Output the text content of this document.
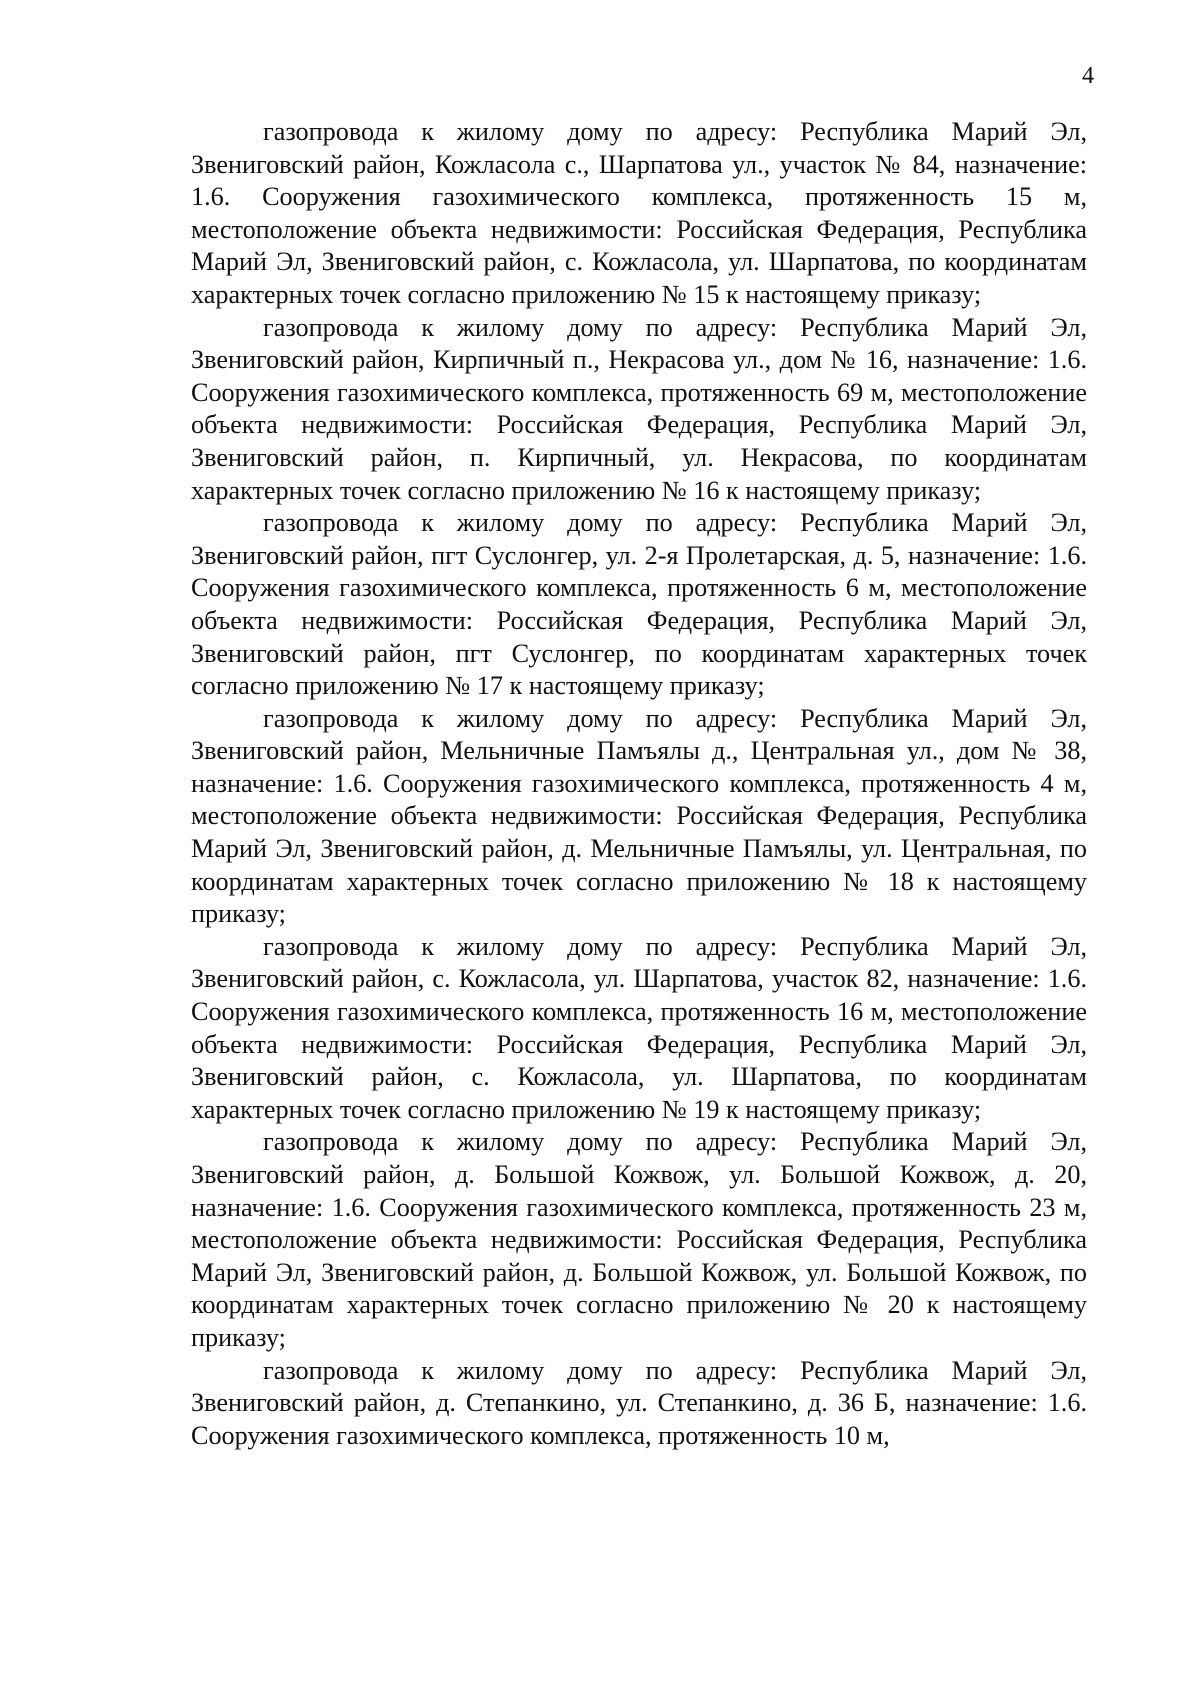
4

газопровода к жилому дому по адресу: Республика Марий Эл, Звениговский район, Кожласола с., Шарпатова ул., участок № 84, назначение: 1.6. Сооружения газохимического комплекса, протяженность 15 м, местоположение объекта недвижимости: Российская Федерация, Республика Марий Эл, Звениговский район, с. Кожласола, ул. Шарпатова, по координатам характерных точек согласно приложению № 15 к настоящему приказу;

газопровода к жилому дому по адресу: Республика Марий Эл, Звениговский район, Кирпичный п., Некрасова ул., дом № 16, назначение: 1.6. Сооружения газохимического комплекса, протяженность 69 м, местоположение объекта недвижимости: Российская Федерация, Республика Марий Эл, Звениговский район, п. Кирпичный, ул. Некрасова, по координатам характерных точек согласно приложению № 16 к настоящему приказу;

газопровода к жилому дому по адресу: Республика Марий Эл, Звениговский район, пгт Суслонгер, ул. 2-я Пролетарская, д. 5, назначение: 1.6. Сооружения газохимического комплекса, протяженность 6 м, местоположение объекта недвижимости: Российская Федерация, Республика Марий Эл, Звениговский район, пгт Суслонгер, по координатам характерных точек согласно приложению № 17 к настоящему приказу;

газопровода к жилому дому по адресу: Республика Марий Эл, Звениговский район, Мельничные Памъялы д., Центральная ул., дом № 38, назначение: 1.6. Сооружения газохимического комплекса, протяженность 4 м, местоположение объекта недвижимости: Российская Федерация, Республика Марий Эл, Звениговский район, д. Мельничные Памъялы, ул. Центральная, по координатам характерных точек согласно приложению № 18 к настоящему приказу;

газопровода к жилому дому по адресу: Республика Марий Эл, Звениговский район, с. Кожласола, ул. Шарпатова, участок 82, назначение: 1.6. Сооружения газохимического комплекса, протяженность 16 м, местоположение объекта недвижимости: Российская Федерация, Республика Марий Эл, Звениговский район, с. Кожласола, ул. Шарпатова, по координатам характерных точек согласно приложению № 19 к настоящему приказу;

газопровода к жилому дому по адресу: Республика Марий Эл, Звениговский район, д. Большой Кожвож, ул. Большой Кожвож, д. 20, назначение: 1.6. Сооружения газохимического комплекса, протяженность 23 м, местоположение объекта недвижимости: Российская Федерация, Республика Марий Эл, Звениговский район, д. Большой Кожвож, ул. Большой Кожвож, по координатам характерных точек согласно приложению № 20 к настоящему приказу;

газопровода к жилому дому по адресу: Республика Марий Эл, Звениговский район, д. Степанкино, ул. Степанкино, д. 36 Б, назначение: 1.6. Сооружения газохимического комплекса, протяженность 10 м,
